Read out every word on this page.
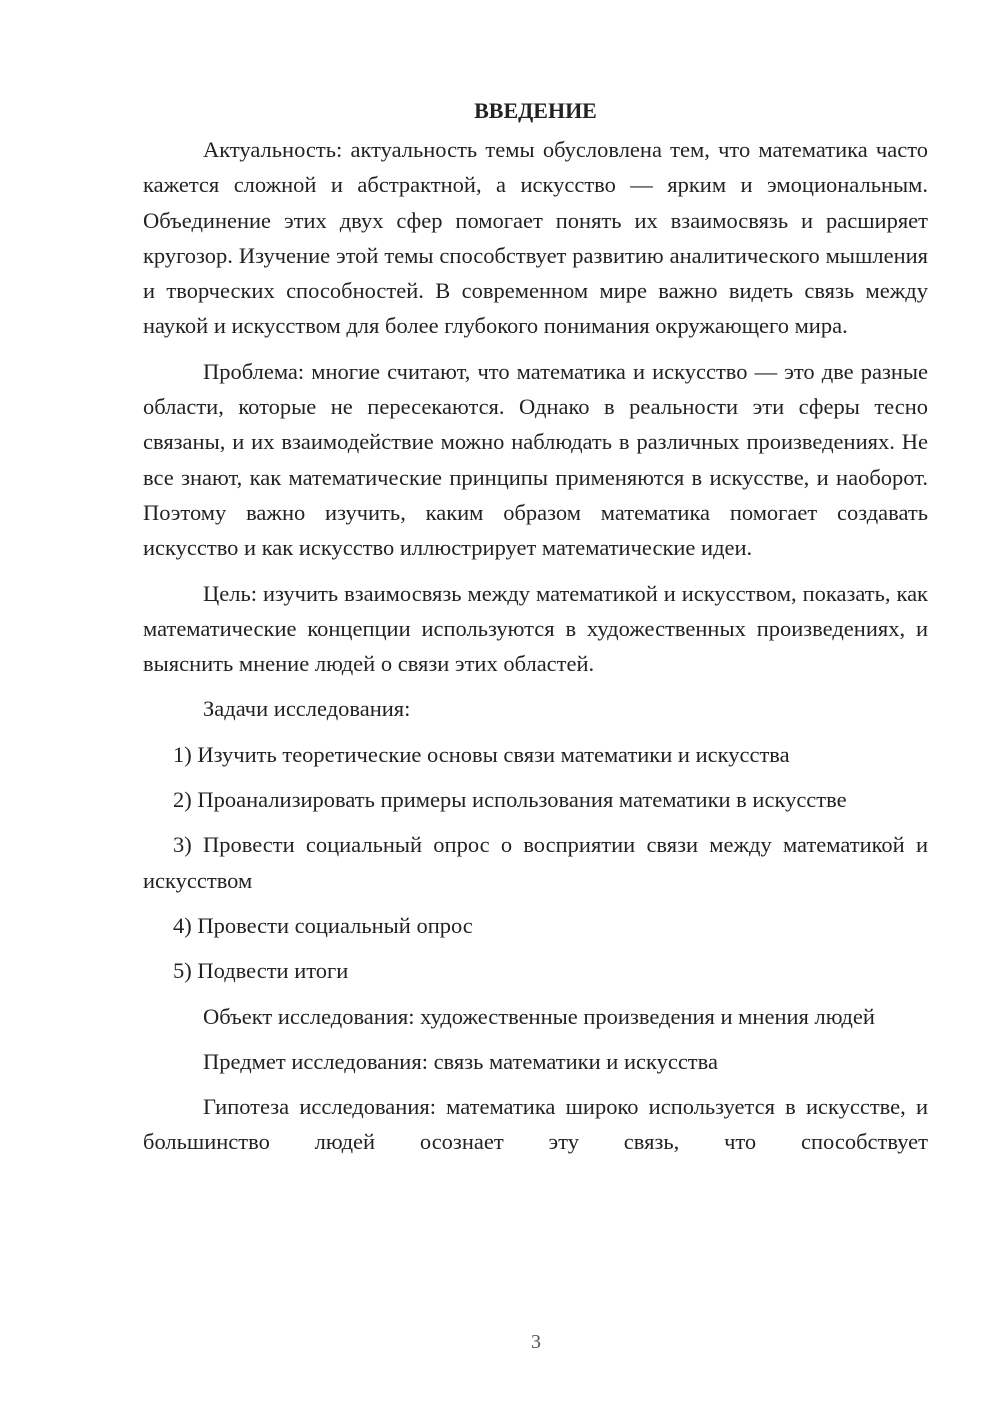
ВВЕДЕНИЕ

Актуальность: актуальность темы обусловлена тем, что математика часто кажется сложной и абстрактной, а искусство — ярким и эмоциональным. Объединение этих двух сфер помогает понять их взаимосвязь и расширяет кругозор. Изучение этой темы способствует развитию аналитического мышления и творческих способностей. В современном мире важно видеть связь между наукой и искусством для более глубокого понимания окружающего мира.

Проблема: многие считают, что математика и искусство — это две разные области, которые не пересекаются. Однако в реальности эти сферы тесно связаны, и их взаимодействие можно наблюдать в различных произведениях. Не все знают, как математические принципы применяются в искусстве, и наоборот. Поэтому важно изучить, каким образом математика помогает создавать искусство и как искусство иллюстрирует математические идеи.

Цель: изучить взаимосвязь между математикой и искусством, показать, как математические концепции используются в художественных произведениях, и выяснить мнение людей о связи этих областей.

Задачи исследования:

1) Изучить теоретические основы связи математики и искусства

2) Проанализировать примеры использования математики в искусстве

3) Провести социальный опрос о восприятии связи между математикой и искусством

4) Провести социальный опрос

5) Подвести итоги

Объект исследования: художественные произведения и мнения людей

Предмет исследования: связь математики и искусства

Гипотеза исследования: математика широко используется в искусстве, и большинство людей осознает эту связь, что способствует

3
